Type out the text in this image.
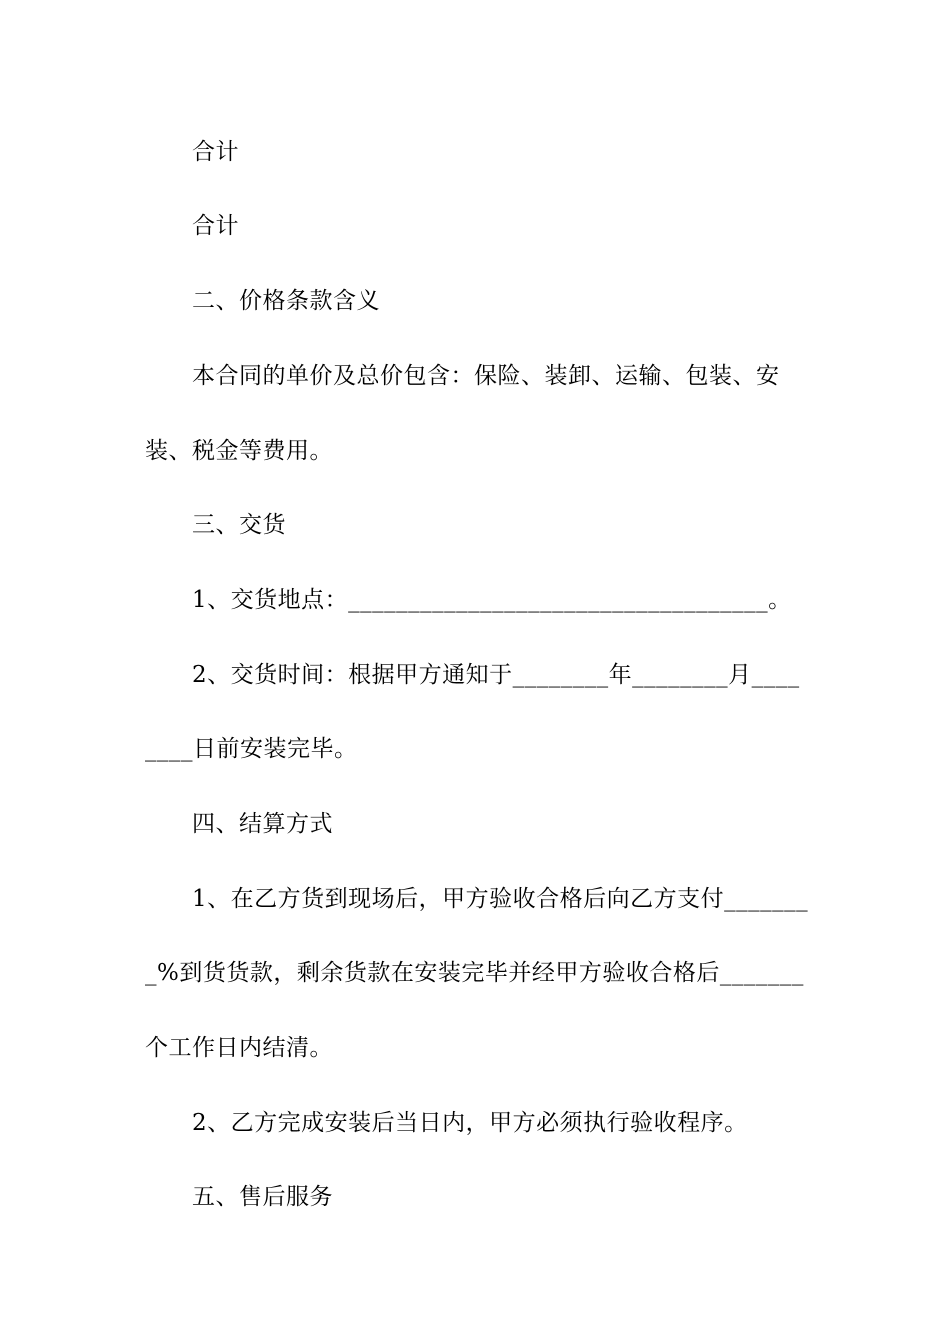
合计
合计
二、价格条款含义
本合同的单价及总价包含：保险、装卸、运输、包装、安
装、税金等费用。
三、交货
1、交货地点：___________________________________。
2、交货时间：根据甲方通知于________年________月____
____日前安装完毕。
四、结算方式
1、在乙方货到现场后，甲方验收合格后向乙方支付_______
_%到货货款，剩余货款在安装完毕并经甲方验收合格后_______
个工作日内结清。
2、乙方完成安装后当日内，甲方必须执行验收程序。
五、售后服务
